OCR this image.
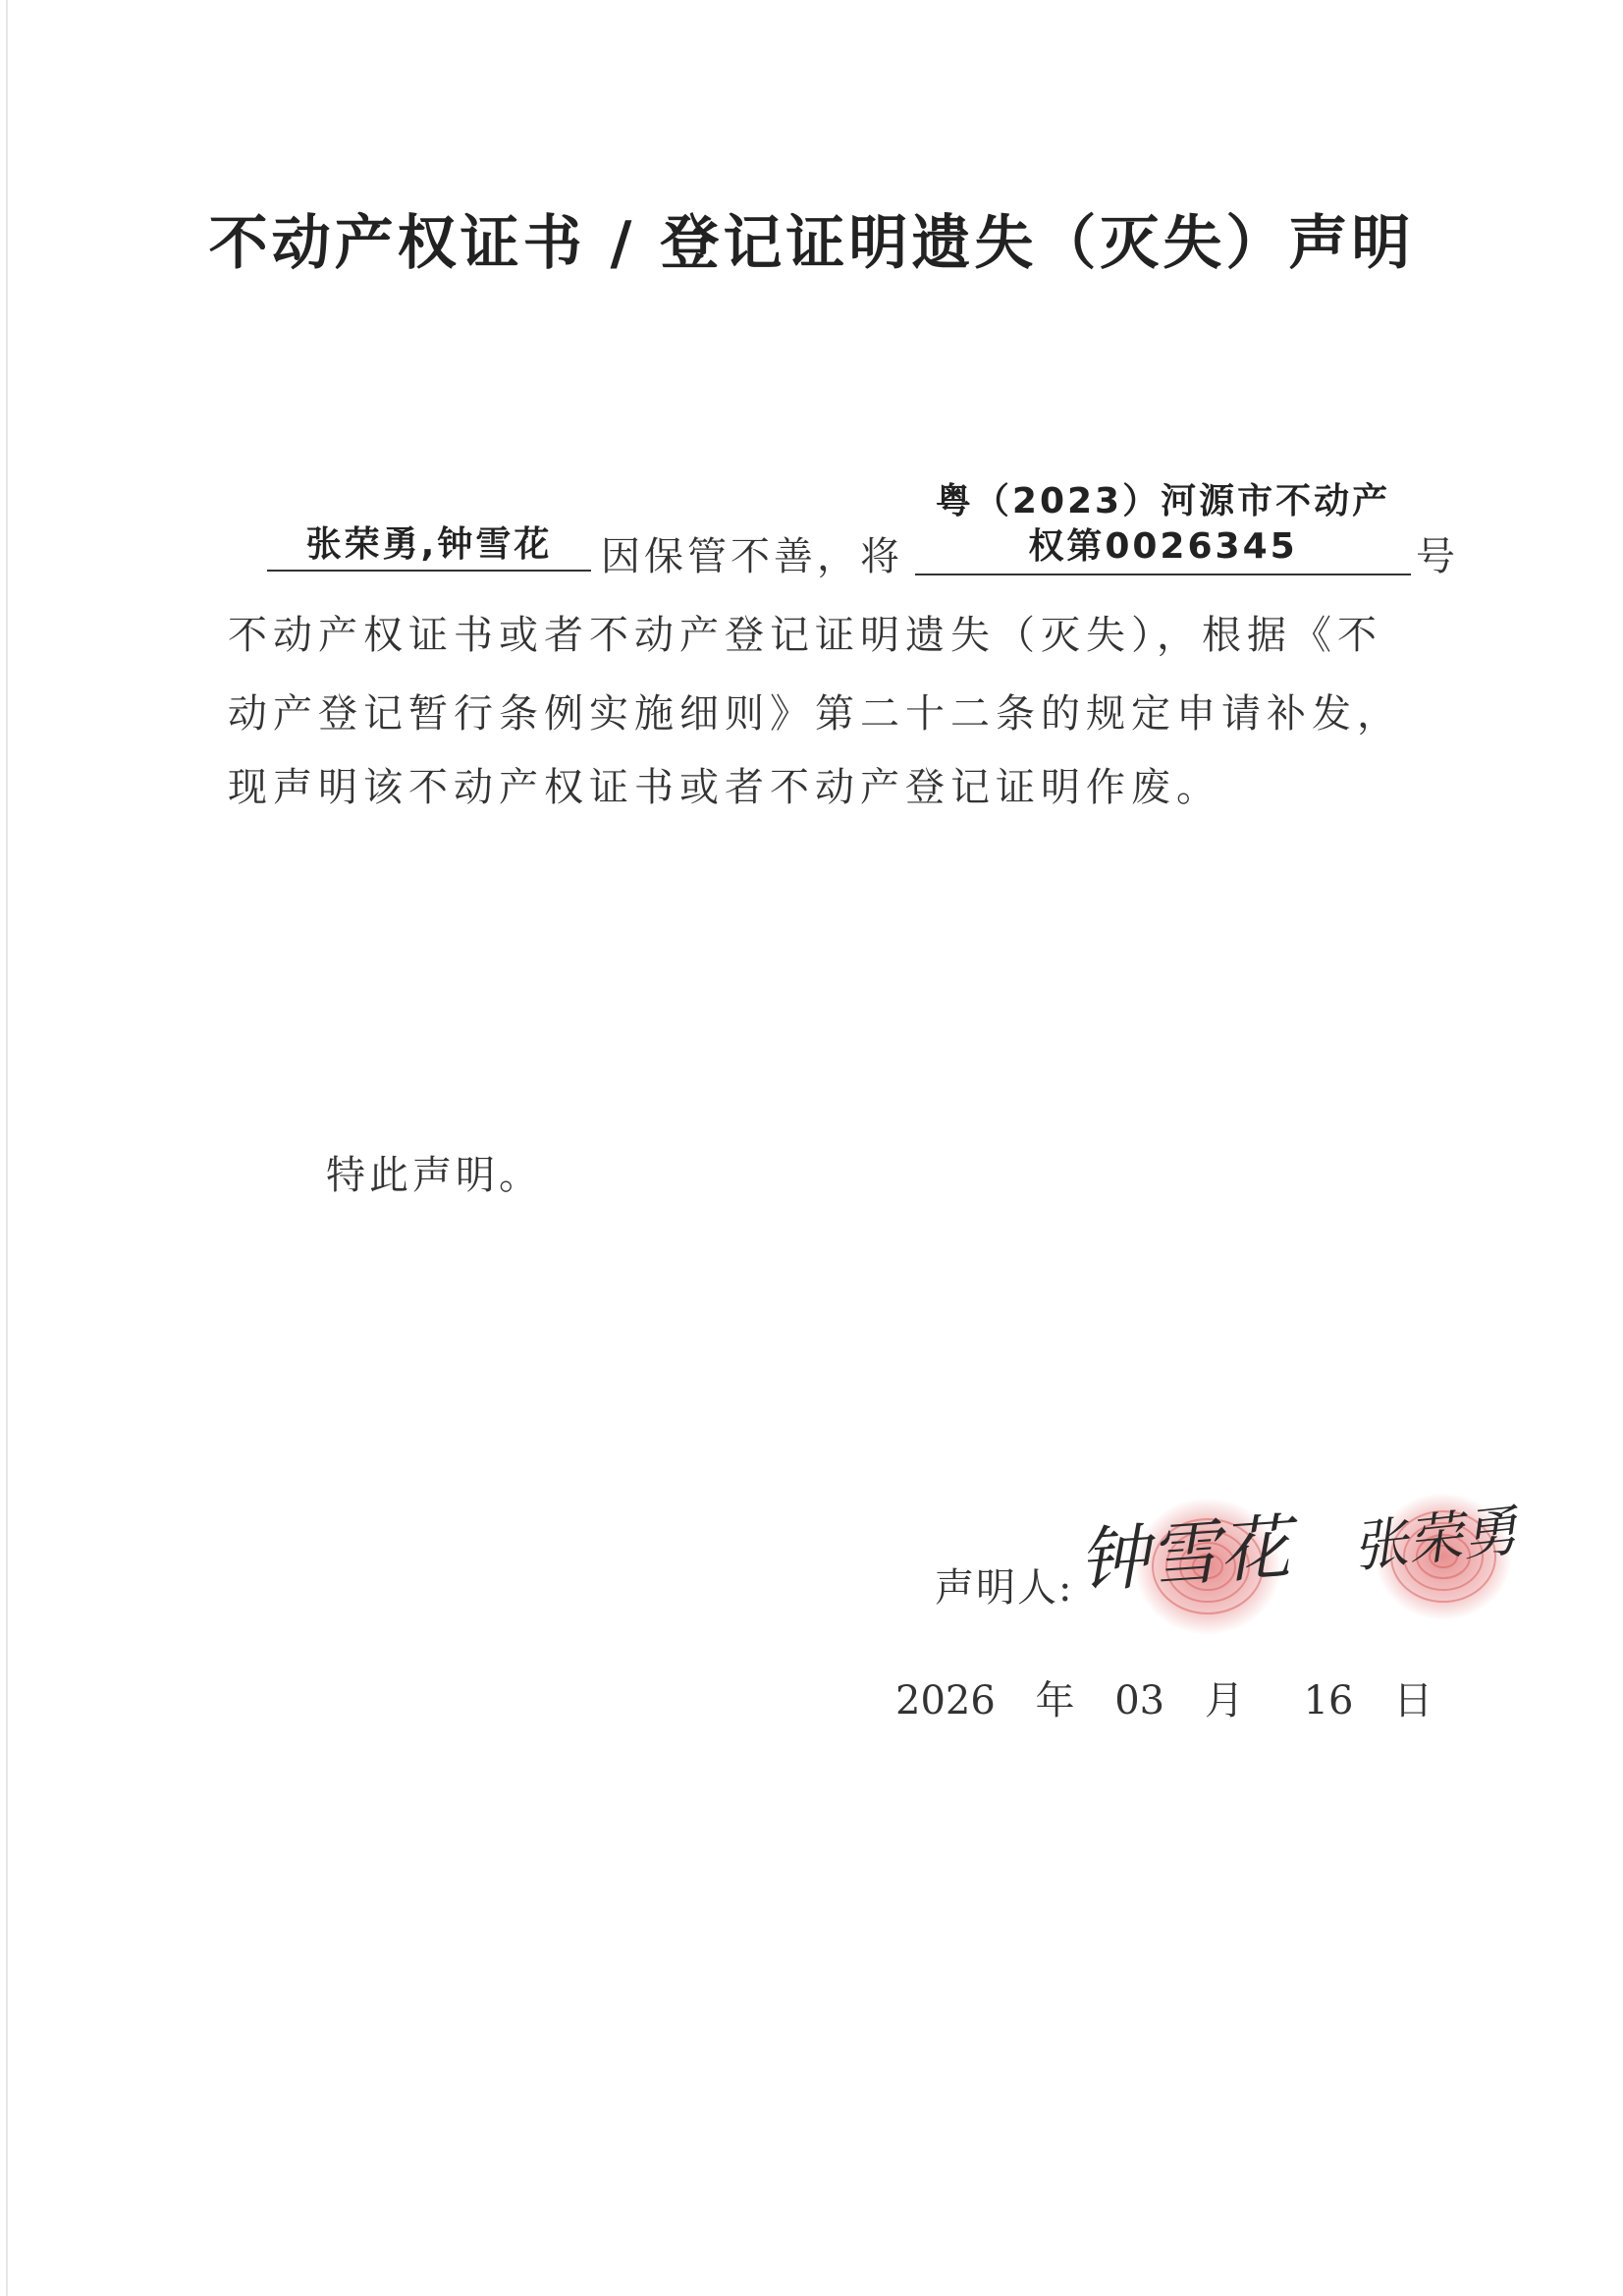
不动产权证书 / 登记证明遗失（灭失）声明
张荣勇,钟雪花	因保管不善，将
粤（2023）河源市不动产
权第0026345	号
不动产权证书或者不动产登记证明遗失（灭失），根据《不
动产登记暂行条例实施细则》第二十二条的规定申请补发，
现声明该不动产权证书或者不动产登记证明作废。
特此声明。
声明人: 钟雪花 张荣勇
2026 年 03 月 16 日
